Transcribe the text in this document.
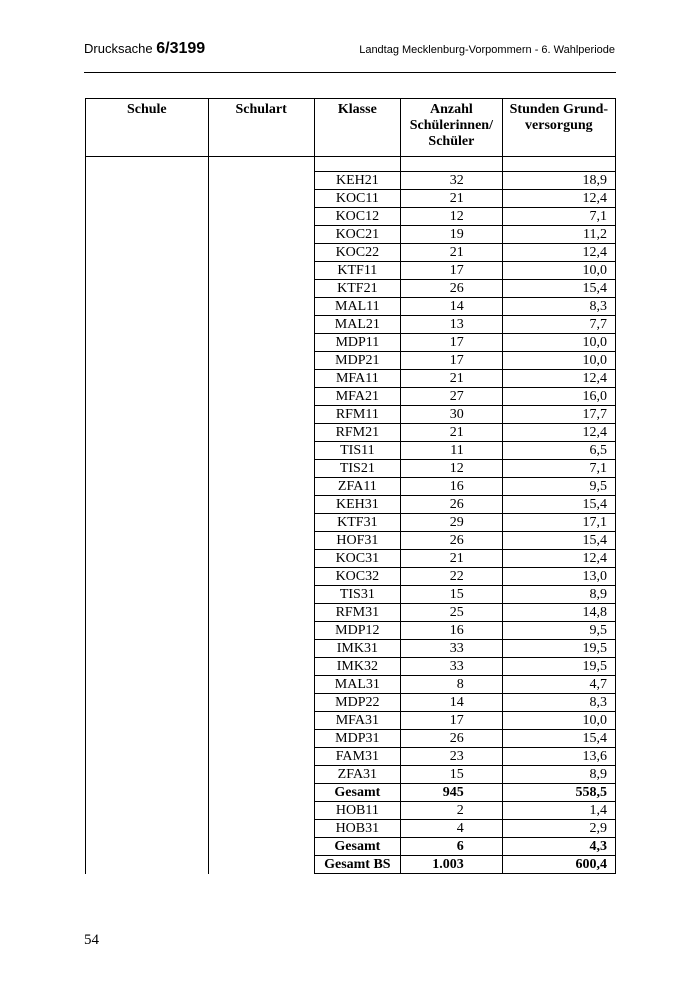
Drucksache 6/3199	Landtag Mecklenburg-Vorpommern - 6. Wahlperiode
Schule	Schulart	Klasse	Anzahl Schülerinnen/ Schüler	Stunden Grund-versorgung

		KEH21	32	18,9
		KOC11	21	12,4
		KOC12	12	7,1
		KOC21	19	11,2
		KOC22	21	12,4
		KTF11	17	10,0
		KTF21	26	15,4
		MAL11	14	8,3
		MAL21	13	7,7
		MDP11	17	10,0
		MDP21	17	10,0
		MFA11	21	12,4
		MFA21	27	16,0
		RFM11	30	17,7
		RFM21	21	12,4
		TIS11	11	6,5
		TIS21	12	7,1
		ZFA11	16	9,5
		KEH31	26	15,4
		KTF31	29	17,1
		HOF31	26	15,4
		KOC31	21	12,4
		KOC32	22	13,0
		TIS31	15	8,9
		RFM31	25	14,8
		MDP12	16	9,5
		IMK31	33	19,5
		IMK32	33	19,5
		MAL31	8	4,7
		MDP22	14	8,3
		MFA31	17	10,0
		MDP31	26	15,4
		FAM31	23	13,6
		ZFA31	15	8,9
		Gesamt	945	558,5
		HOB11	2	1,4
		HOB31	4	2,9
		Gesamt	6	4,3
		Gesamt BS	1.003	600,4
54
